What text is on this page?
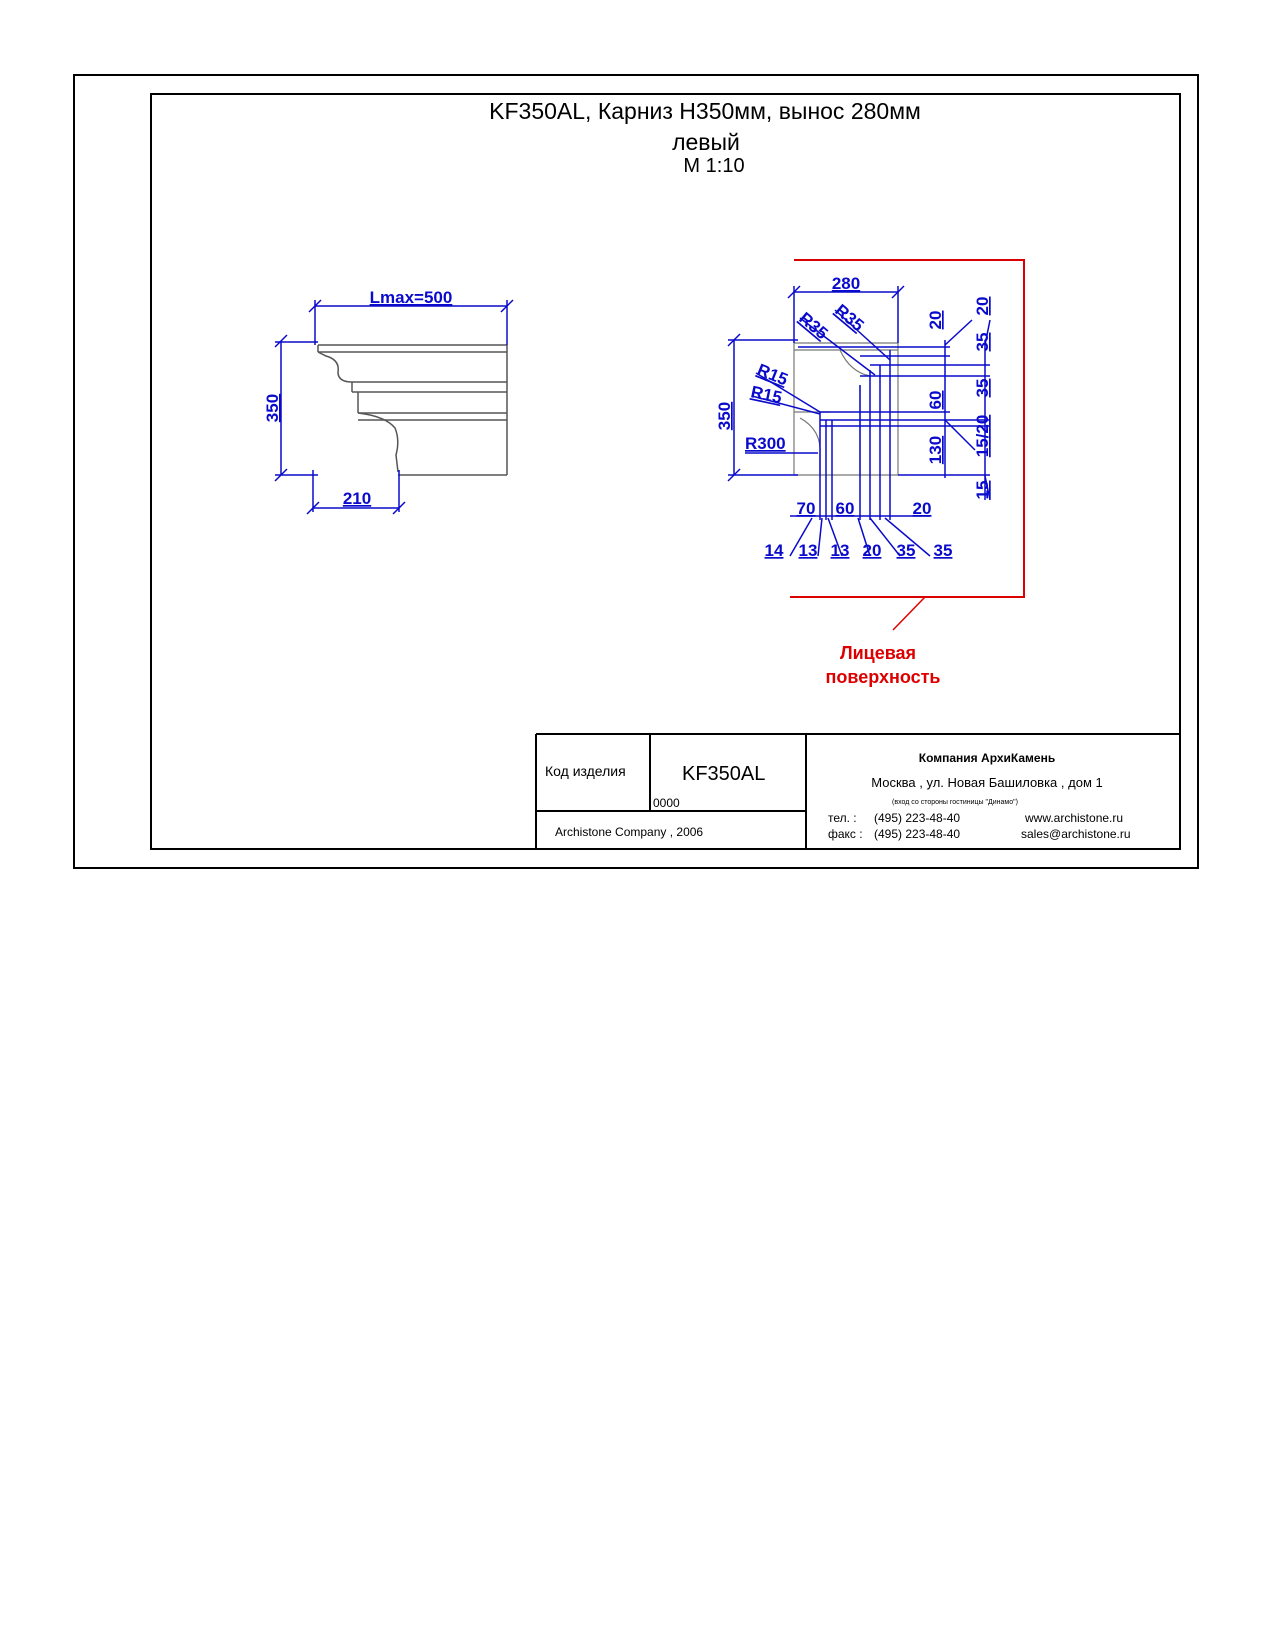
KF350AL, Карниз H350мм, вынос 280мм
левый
М 1:10
Lmax=500
350
210
Лицевая
поверхность
280
350
R35 R35
R15
R15
R300
20
60
130
20
35
35
15/20
15
70 60	20
14 13 13 20 35 35
Код изделия	KF350AL
0000
Archistone Company , 2006
Компания АрхиКамень
Москва , ул. Новая Башиловка , дом 1
(вход со стороны гостиницы "Динамо")
тел. : (495) 223-48-40
факс : (495) 223-48-40
www.archistone.ru
sales@archistone.ru
